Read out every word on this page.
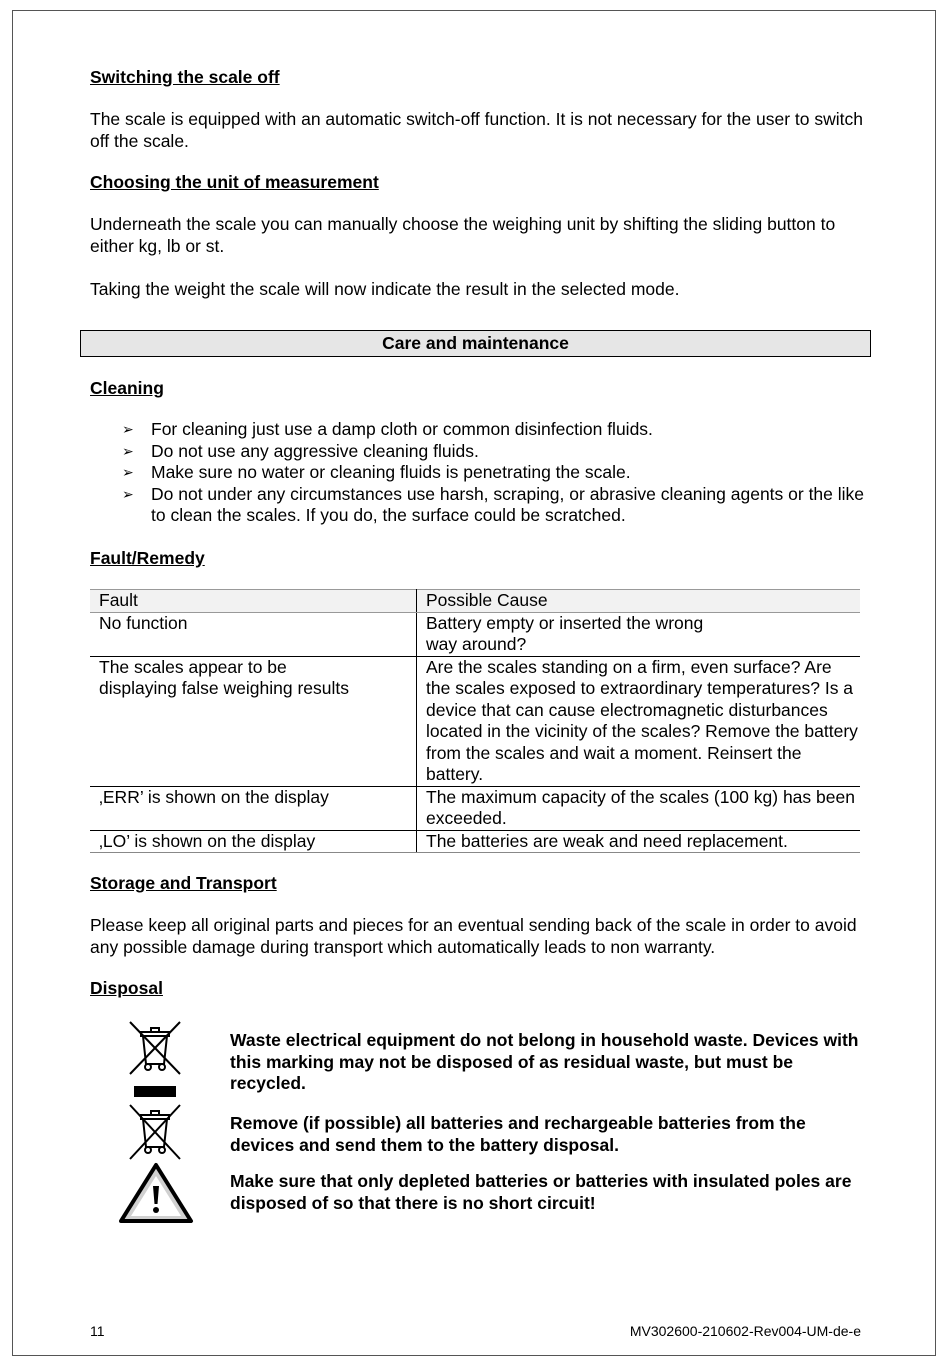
Switching the scale off
The scale is equipped with an automatic switch-off function. It is not necessary for the user to switch off the scale.
Choosing the unit of measurement
Underneath the scale you can manually choose the weighing unit by shifting the sliding button to either kg, lb or st.
Taking the weight the scale will now indicate the result in the selected mode.
Care and maintenance
Cleaning
➢ For cleaning just use a damp cloth or common disinfection fluids.
➢ Do not use any aggressive cleaning fluids.
➢ Make sure no water or cleaning fluids is penetrating the scale.
➢ Do not under any circumstances use harsh, scraping, or abrasive cleaning agents or the like to clean the scales. If you do, the surface could be scratched.
Fault/Remedy
Fault	Possible Cause
No function	Battery empty or inserted the wrong way around?
The scales appear to be displaying false weighing results	Are the scales standing on a firm, even surface? Are the scales exposed to extraordinary temperatures? Is a device that can cause electromagnetic disturbances located in the vicinity of the scales? Remove the battery from the scales and wait a moment. Reinsert the battery.
‚ERR’ is shown on the display	The maximum capacity of the scales (100 kg) has been exceeded.
‚LO’ is shown on the display	The batteries are weak and need replacement.
Storage and Transport
Please keep all original parts and pieces for an eventual sending back of the scale in order to avoid any possible damage during transport which automatically leads to non warranty.
Disposal
Waste electrical equipment do not belong in household waste. Devices with this marking may not be disposed of as residual waste, but must be recycled.
Remove (if possible) all batteries and rechargeable batteries from the devices and send them to the battery disposal.
Make sure that only depleted batteries or batteries with insulated poles are disposed of so that there is no short circuit!
11	MV302600-210602-Rev004-UM-de-e
